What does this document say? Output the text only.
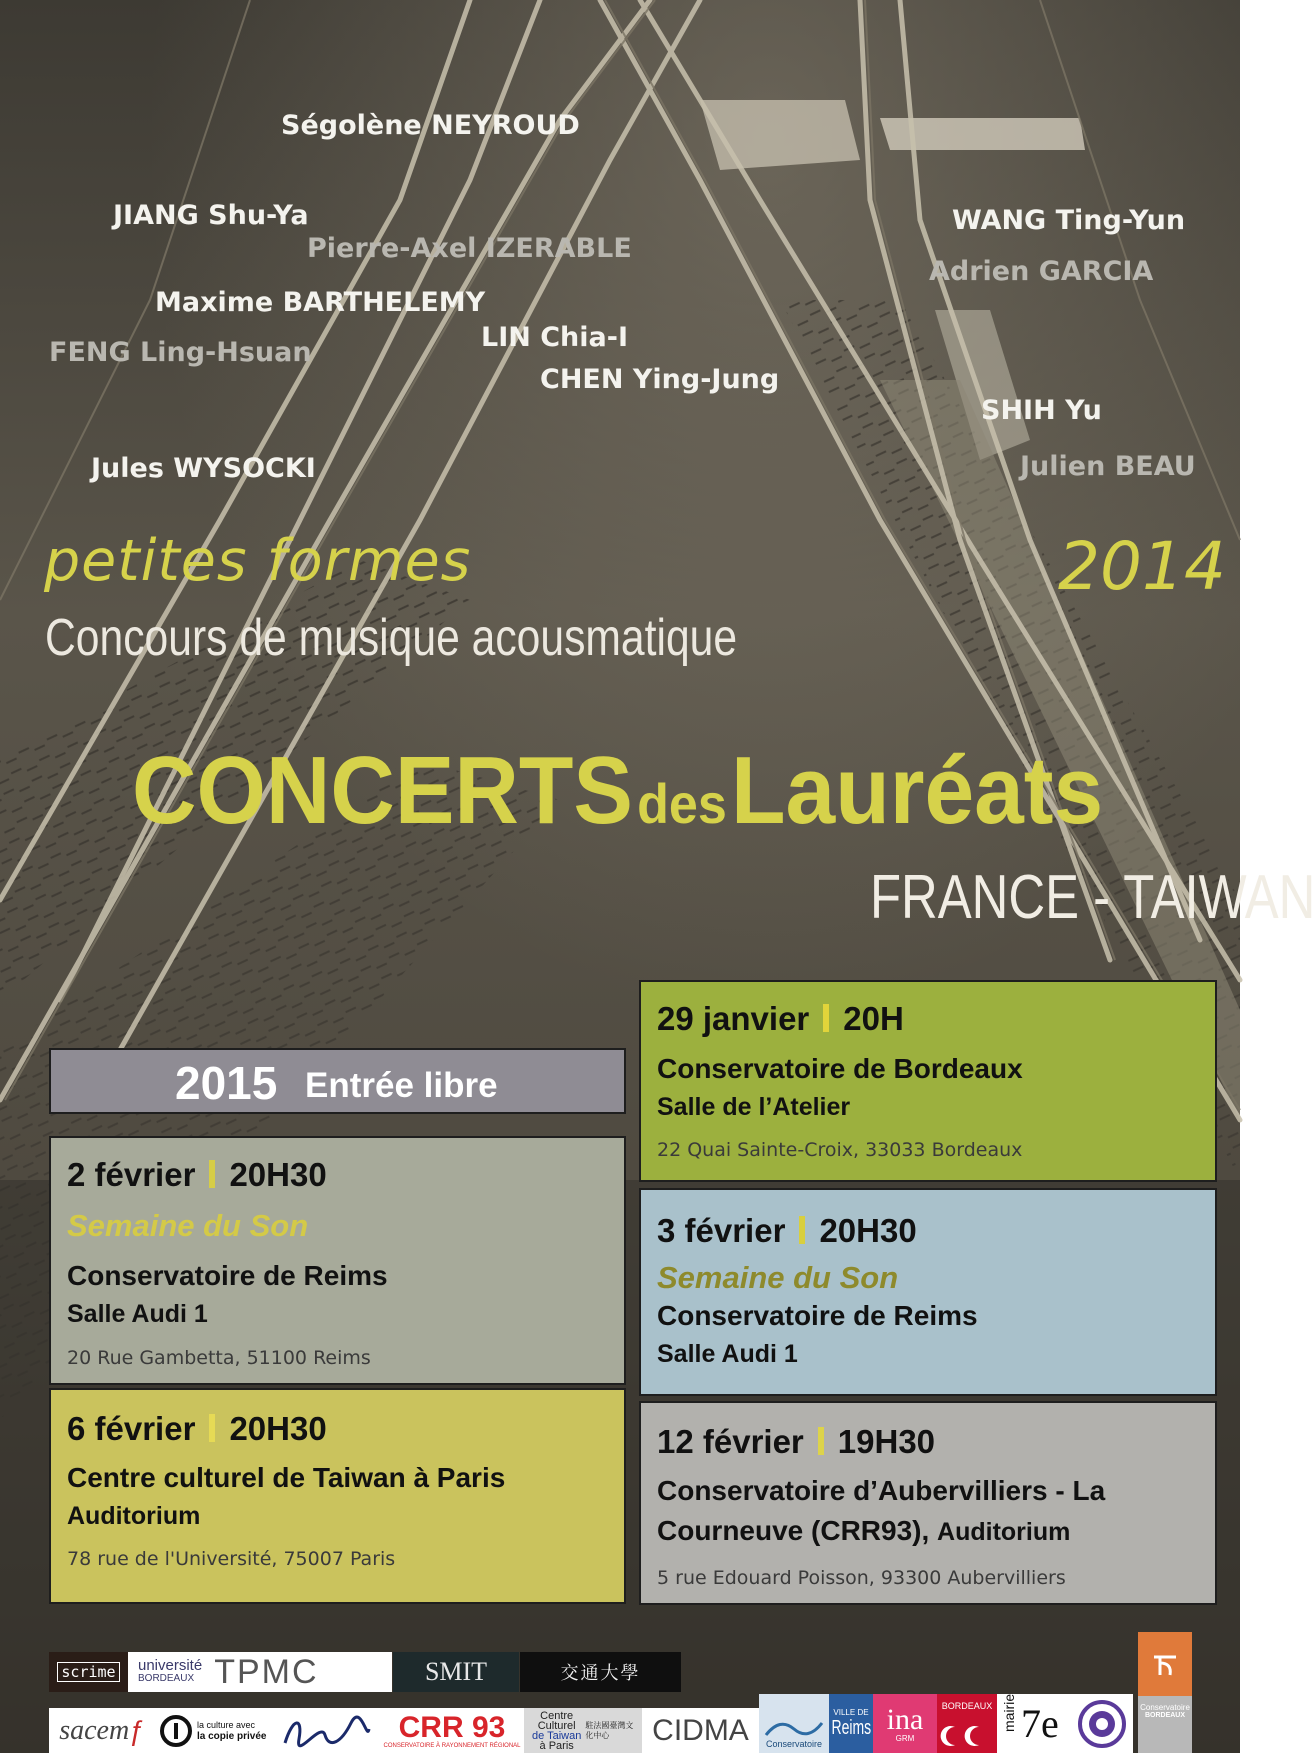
Ségolène NEYROUD
JIANG Shu-Ya
Pierre-Axel IZERABLE
WANG Ting-Yun
Adrien GARCIA
Maxime BARTHELEMY
LIN Chia-I
FENG Ling-Hsuan
CHEN Ying-Jung
SHIH Yu
Jules WYSOCKI	Julien BEAU
petites formes	2014
Concours de musique acousmatique
CONCERTS des Lauréats
FRANCE - TAIWAN
2015 Entrée libre
29 janvier 20H
Conservatoire de Bordeaux
Salle de l’Atelier
22 Quai Sainte-Croix, 33033 Bordeaux
2 février 20H30
Semaine du Son
Conservatoire de Reims
Salle Audi 1
20 Rue Gambetta, 51100 Reims
3 février 20H30
Semaine du Son
Conservatoire de Reims
Salle Audi 1
6 février 20H30
Centre culturel de Taiwan à Paris
Auditorium
78 rue de l'Université, 75007 Paris
12 février 19H30
Conservatoire d’Aubervilliers - La
Courneuve (CRR93), Auditorium
5 rue Edouard Poisson, 93300 Aubervilliers
scrime université
BORDEAUX TPMC	SMIT	交通大學
sacem ƒ	la culture avec
la copie privée	CRR 93
CONSERVATOIRE À RAYONNEMENT RÉGIONAL
Centre
Culturel
de Taiwan
à Paris
駐法國臺灣文化中心	CIDMA Conservatoire
VILLE DE
Reims ina
GRM
BORDEAUX mairie 7e	Conservatoire
BORDEAUX
